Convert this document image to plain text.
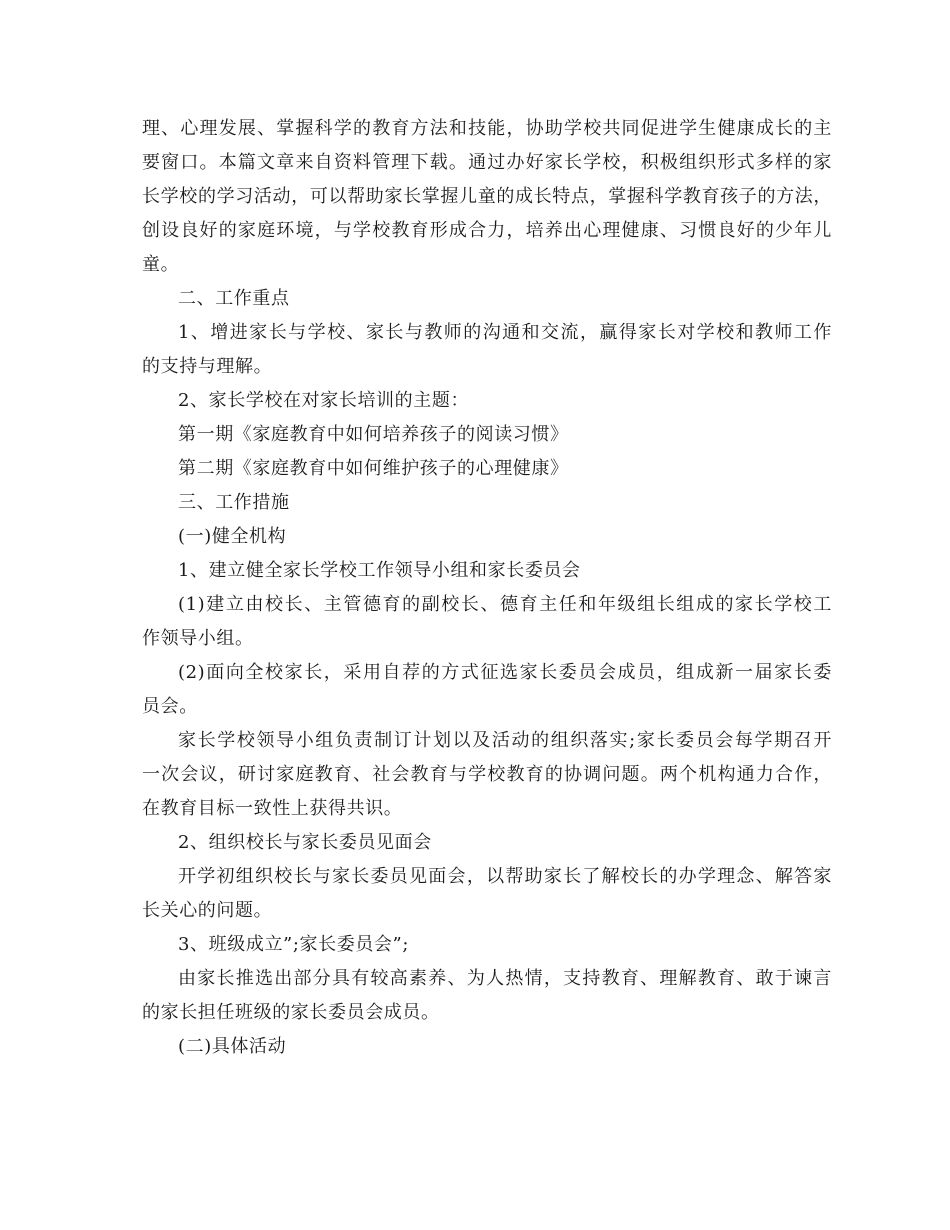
理、心理发展、掌握科学的教育方法和技能，协助学校共同促进学生健康成长的主
要窗口。本篇文章来自资料管理下载。通过办好家长学校，积极组织形式多样的家
长学校的学习活动，可以帮助家长掌握儿童的成长特点，掌握科学教育孩子的方法，
创设良好的家庭环境，与学校教育形成合力，培养出心理健康、习惯良好的少年儿
童。
二、工作重点
1、增进家长与学校、家长与教师的沟通和交流，赢得家长对学校和教师工作
的支持与理解。
2、家长学校在对家长培训的主题：
第一期《家庭教育中如何培养孩子的阅读习惯》
第二期《家庭教育中如何维护孩子的心理健康》
三、工作措施
(一)健全机构
1、建立健全家长学校工作领导小组和家长委员会
(1)建立由校长、主管德育的副校长、德育主任和年级组长组成的家长学校工
作领导小组。
(2)面向全校家长，采用自荐的方式征选家长委员会成员，组成新一届家长委
员会。
家长学校领导小组负责制订计划以及活动的组织落实;家长委员会每学期召开
一次会议，研讨家庭教育、社会教育与学校教育的协调问题。两个机构通力合作，
在教育目标一致性上获得共识。
2、组织校长与家长委员见面会
开学初组织校长与家长委员见面会，以帮助家长了解校长的办学理念、解答家
长关心的问题。
3、班级成立”;家长委员会”;
由家长推选出部分具有较高素养、为人热情，支持教育、理解教育、敢于谏言
的家长担任班级的家长委员会成员。
(二)具体活动
